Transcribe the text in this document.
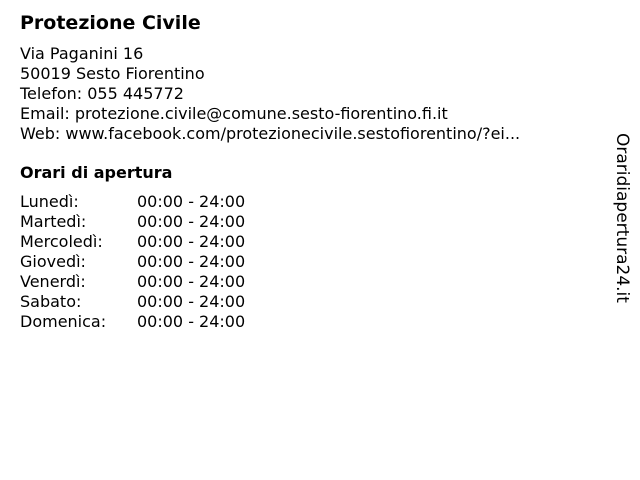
Protezione Civile
Via Paganini 16
50019 Sesto Fiorentino
Telefon: 055 445772
Email: protezione.civile@comune.sesto-fiorentino.fi.it
Web: www.facebook.com/protezionecivile.sestofiorentino/?ei...
Orari di apertura
Lunedì:	00:00 - 24:00
Martedì:	00:00 - 24:00
Mercoledì:	00:00 - 24:00
Giovedì:	00:00 - 24:00
Venerdì:	00:00 - 24:00
Sabato:	00:00 - 24:00
Domenica:	00:00 - 24:00
Oraridiapertura24.it
